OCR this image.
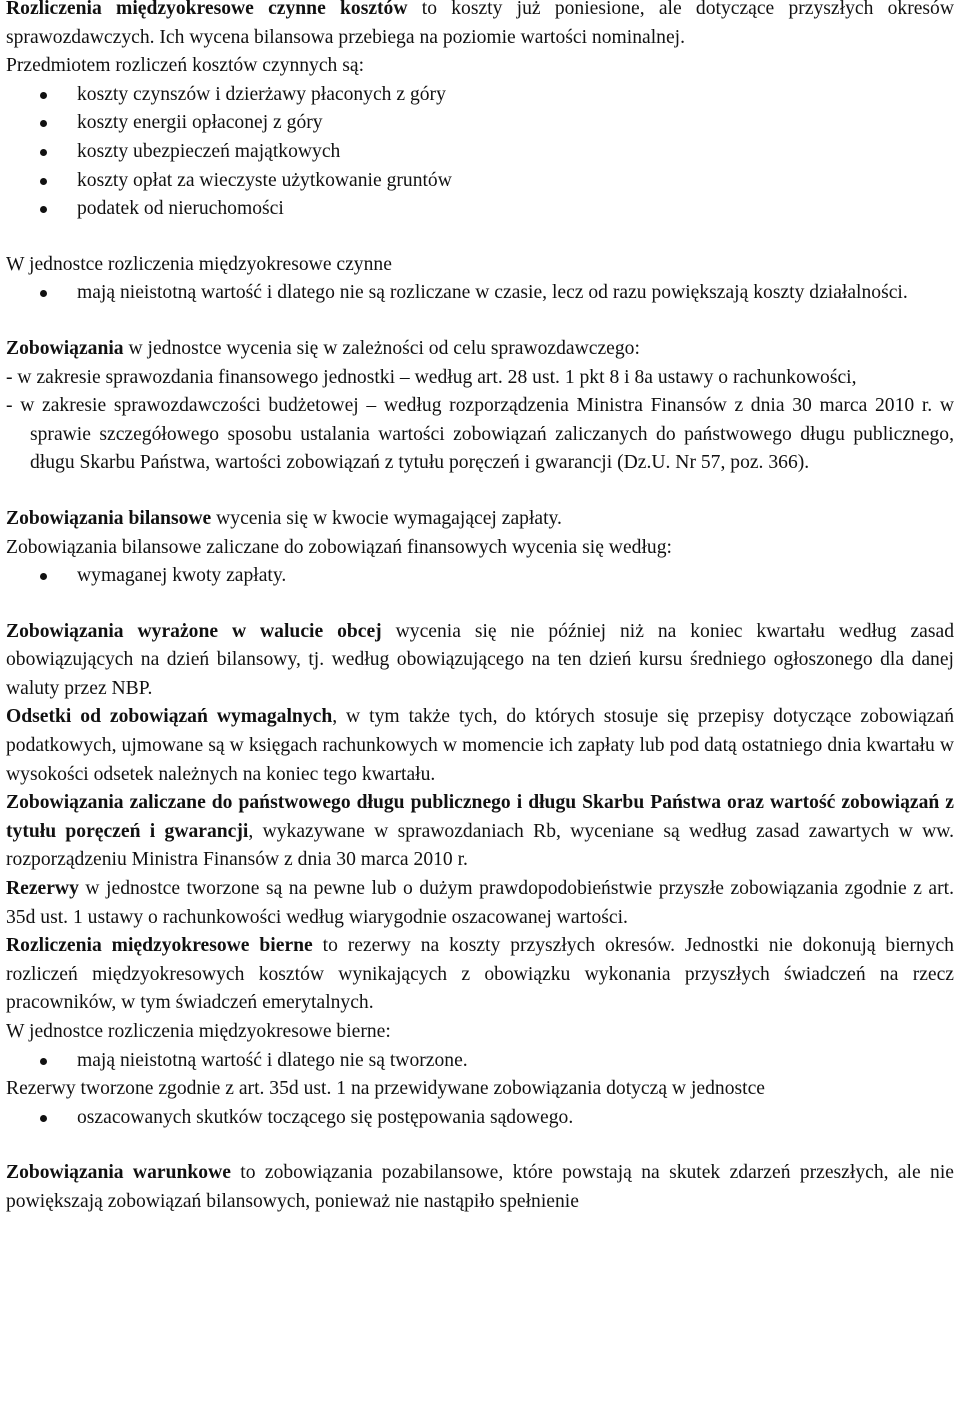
Rozliczenia międzyokresowe czynne kosztów to koszty już poniesione, ale dotyczące przyszłych okresów sprawozdawczych. Ich wycena bilansowa przebiega na poziomie wartości nominalnej.

Przedmiotem rozliczeń kosztów czynnych są:

koszty czynszów i dzierżawy płaconych z góry
koszty energii opłaconej z góry
koszty ubezpieczeń majątkowych
koszty opłat za wieczyste użytkowanie gruntów
podatek od nieruchomości

W jednostce rozliczenia międzyokresowe czynne

mają nieistotną wartość i dlatego nie są rozliczane w czasie, lecz od razu powiększają koszty działalności.

Zobowiązania w jednostce wycenia się w zależności od celu sprawozdawczego:

- w zakresie sprawozdania finansowego jednostki – według art. 28 ust. 1 pkt 8 i 8a ustawy o rachunkowości,

- w zakresie sprawozdawczości budżetowej – według rozporządzenia Ministra Finansów z dnia 30 marca 2010 r. w sprawie szczegółowego sposobu ustalania wartości zobowiązań zaliczanych do państwowego długu publicznego, długu Skarbu Państwa, wartości zobowiązań z tytułu poręczeń i gwarancji (Dz.U. Nr 57, poz. 366).

Zobowiązania bilansowe wycenia się w kwocie wymagającej zapłaty.

Zobowiązania bilansowe zaliczane do zobowiązań finansowych wycenia się według:

wymaganej kwoty zapłaty.

Zobowiązania wyrażone w walucie obcej wycenia się nie później niż na koniec kwartału według zasad obowiązujących na dzień bilansowy, tj. według obowiązującego na ten dzień kursu średniego ogłoszonego dla danej waluty przez NBP.

Odsetki od zobowiązań wymagalnych, w tym także tych, do których stosuje się przepisy dotyczące zobowiązań podatkowych, ujmowane są w księgach rachunkowych w momencie ich zapłaty lub pod datą ostatniego dnia kwartału w wysokości odsetek należnych na koniec tego kwartału.

Zobowiązania zaliczane do państwowego długu publicznego i długu Skarbu Państwa oraz wartość zobowiązań z tytułu poręczeń i gwarancji, wykazywane w sprawozdaniach Rb, wyceniane są według zasad zawartych w ww. rozporządzeniu Ministra Finansów z dnia 30 marca 2010 r.

Rezerwy w jednostce tworzone są na pewne lub o dużym prawdopodobieństwie przyszłe zobowiązania zgodnie z art. 35d ust. 1 ustawy o rachunkowości według wiarygodnie oszacowanej wartości.

Rozliczenia międzyokresowe bierne to rezerwy na koszty przyszłych okresów. Jednostki nie dokonują biernych rozliczeń międzyokresowych kosztów wynikających z obowiązku wykonania przyszłych świadczeń na rzecz pracowników, w tym świadczeń emerytalnych.

W jednostce rozliczenia międzyokresowe bierne:

mają nieistotną wartość i dlatego nie są tworzone.

Rezerwy tworzone zgodnie z art. 35d ust. 1 na przewidywane zobowiązania dotyczą w jednostce

oszacowanych skutków toczącego się postępowania sądowego.

Zobowiązania warunkowe to zobowiązania pozabilansowe, które powstają na skutek zdarzeń przeszłych, ale nie powiększają zobowiązań bilansowych, ponieważ nie nastąpiło spełnienie
